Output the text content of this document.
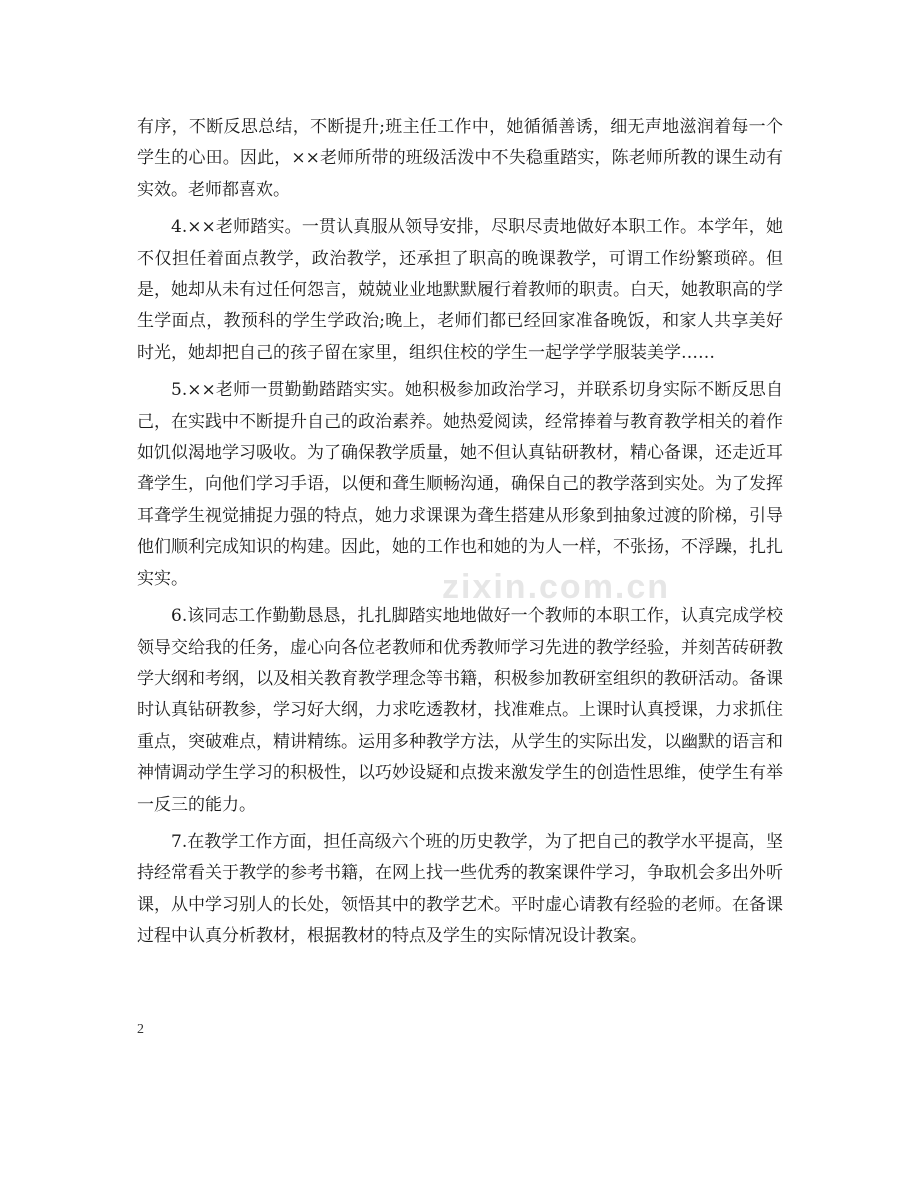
zixin.com.cn

有序，不断反思总结，不断提升;班主任工作中，她循循善诱，细无声地滋润着每一个学生的心田。因此，××老师所带的班级活泼中不失稳重踏实，陈老师所教的课生动有实效。老师都喜欢。

4.××老师踏实。一贯认真服从领导安排，尽职尽责地做好本职工作。本学年，她不仅担任着面点教学，政治教学，还承担了职高的晚课教学，可谓工作纷繁琐碎。但是，她却从未有过任何怨言，兢兢业业地默默履行着教师的职责。白天，她教职高的学生学面点，教预科的学生学政治;晚上，老师们都已经回家准备晚饭，和家人共享美好时光，她却把自己的孩子留在家里，组织住校的学生一起学学学服装美学……

5.××老师一贯勤勤踏踏实实。她积极参加政治学习，并联系切身实际不断反思自己，在实践中不断提升自己的政治素养。她热爱阅读，经常捧着与教育教学相关的着作如饥似渴地学习吸收。为了确保教学质量，她不但认真钻研教材，精心备课，还走近耳聋学生，向他们学习手语，以便和聋生顺畅沟通，确保自己的教学落到实处。为了发挥耳聋学生视觉捕捉力强的特点，她力求课课为聋生搭建从形象到抽象过渡的阶梯，引导他们顺利完成知识的构建。因此，她的工作也和她的为人一样，不张扬，不浮躁，扎扎实实。

6.该同志工作勤勤恳恳，扎扎脚踏实地地做好一个教师的本职工作，认真完成学校领导交给我的任务，虚心向各位老教师和优秀教师学习先进的教学经验，并刻苦砖研教学大纲和考纲，以及相关教育教学理念等书籍，积极参加教研室组织的教研活动。备课时认真钻研教参，学习好大纲，力求吃透教材，找准难点。上课时认真授课，力求抓住重点，突破难点，精讲精练。运用多种教学方法，从学生的实际出发，以幽默的语言和神情调动学生学习的积极性，以巧妙设疑和点拨来激发学生的创造性思维，使学生有举一反三的能力。

7.在教学工作方面，担任高级六个班的历史教学，为了把自己的教学水平提高，坚持经常看关于教学的参考书籍，在网上找一些优秀的教案课件学习，争取机会多出外听课，从中学习别人的长处，领悟其中的教学艺术。平时虚心请教有经验的老师。在备课过程中认真分析教材，根据教材的特点及学生的实际情况设计教案。

2
